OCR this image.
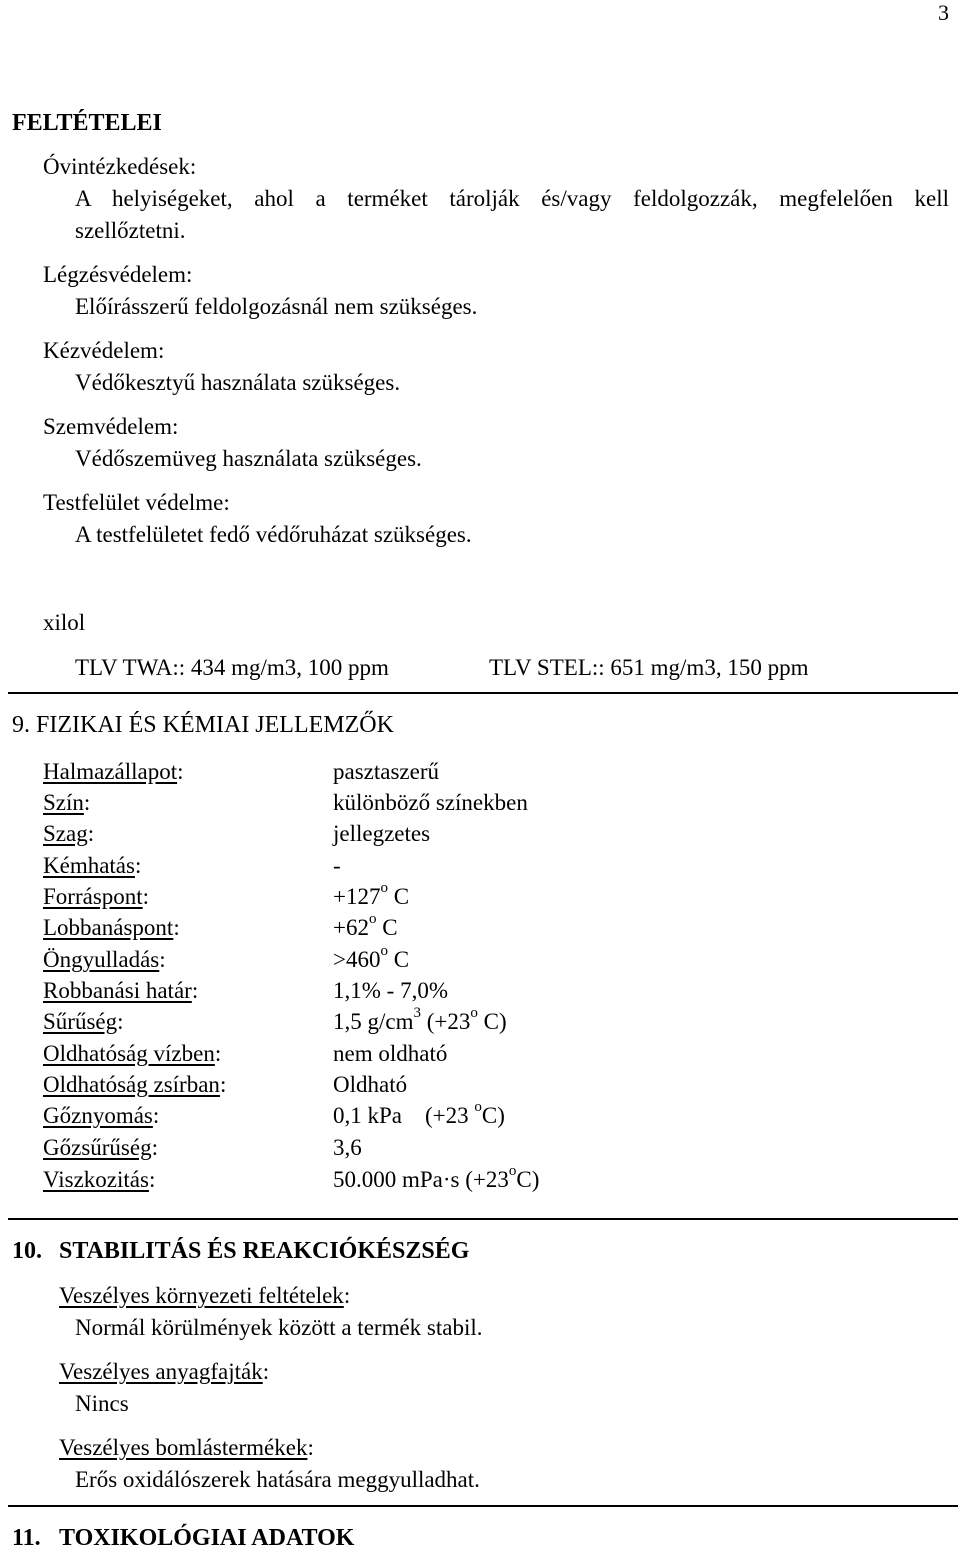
3
FELTÉTELEI
Óvintézkedések:
A helyiségeket, ahol a terméket tárolják és/vagy feldolgozzák, megfelelően kell
szellőztetni.
Légzésvédelem:
Előírásszerű feldolgozásnál nem szükséges.
Kézvédelem:
Védőkesztyű használata szükséges.
Szemvédelem:
Védőszemüveg használata szükséges.
Testfelület védelme:
A testfelületet fedő védőruházat szükséges.
xilol
TLV TWA:: 434 mg/m3, 100 ppm	TLV STEL:: 651 mg/m3, 150 ppm
9. FIZIKAI ÉS KÉMIAI JELLEMZŐK
Halmazállapot:	pasztaszerű
Szín:	különböző színekben
Szag:	jellegzetes
Kémhatás:	-
Forráspont:	$+127^o$ C
Lobbanáspont:	$+62^o$ C
Öngyulladás:	$>460^o$ C
Robbanási határ:	1,1% - 7,0%
Sűrűség:	1,5 $g/cm^3$ ($+23^o$ C)
Oldhatóság vízben:	nem oldható
Oldhatóság zsírban:	Oldható
Gőznyomás:	0,1 kPa    (+23 $^o$C)
Gőzsűrűség:	3,6
Viszkozitás:	50.000 mPa·s $(+23^oC)$
10. STABILITÁS ÉS REAKCIÓKÉSZSÉG
Veszélyes környezeti feltételek:
Normál körülmények között a termék stabil.
Veszélyes anyagfajták:
Nincs
Veszélyes bomlástermékek:
Erős oxidálószerek hatására meggyulladhat.
11. TOXIKOLÓGIAI ADATOK
